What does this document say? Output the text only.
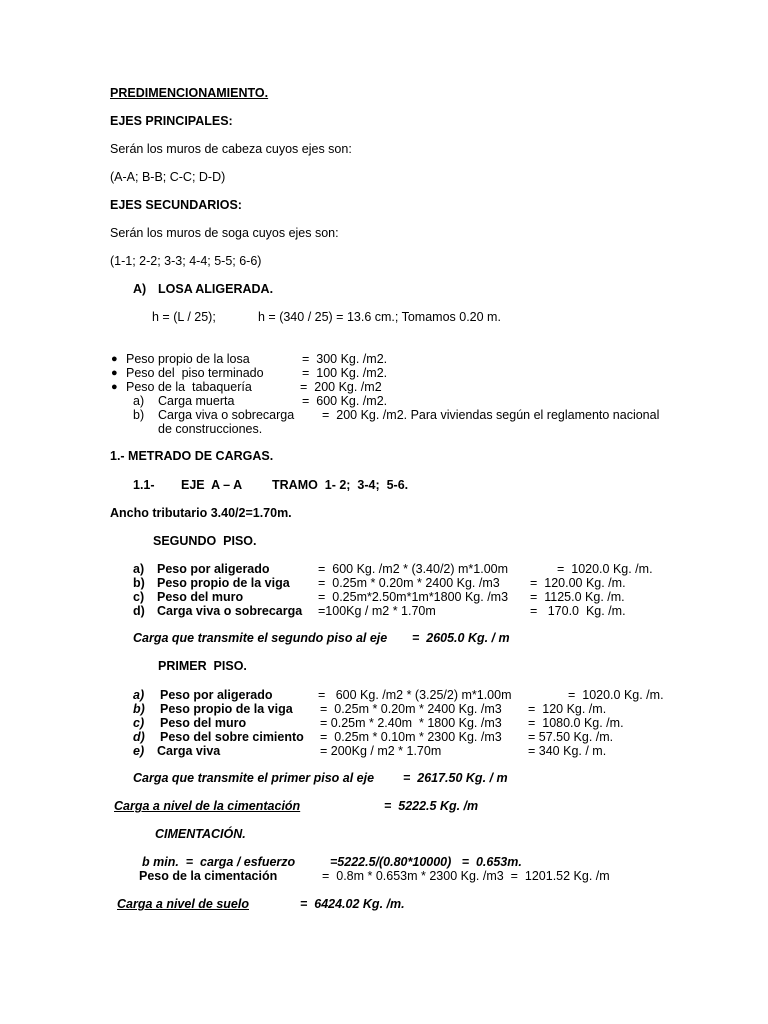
PREDIMENCIONAMIENTO.
EJES PRINCIPALES:
Serán los muros de cabeza cuyos ejes son:
(A-A; B-B; C-C; D-D)
EJES SECUNDARIOS:
Serán los muros de soga cuyos ejes son:
(1-1; 2-2; 3-3; 4-4; 5-5; 6-6)
A) LOSA ALIGERADA.
h = (L / 25);	h = (340 / 25) = 13.6 cm.; Tomamos 0.20 m.
● Peso propio de la losa	=  300 Kg. /m2.
● Peso del  piso terminado	=  100 Kg. /m2.
● Peso de la  tabaquería	=  200 Kg. /m2
a) Carga muerta	=  600 Kg. /m2.
b) Carga viva o sobrecarga =  200 Kg. /m2. Para viviendas según el reglamento nacional
de construcciones.
1.- METRADO DE CARGAS.
1.1- EJE  A – A TRAMO  1- 2;  3-4;  5-6.
Ancho tributario 3.40/2=1.70m.
SEGUNDO  PISO.
a) Peso por aligerado	=  600 Kg. /m2 * (3.40/2) m*1.00m	=  1020.0 Kg. /m.
b) Peso propio de la viga =  0.25m * 0.20m * 2400 Kg. /m3 =  120.00 Kg. /m.
c) Peso del muro	=  0.25m*2.50m*1m*1800 Kg. /m3 =  1125.0 Kg. /m.
d) Carga viva o sobrecarga =100Kg / m2 * 1.70m	=   170.0  Kg. /m.
Carga que transmite el segundo piso al eje =  2605.0 Kg. / m
PRIMER  PISO.
a) Peso por aligerado	=   600 Kg. /m2 * (3.25/2) m*1.00m	=  1020.0 Kg. /m.
b) Peso propio de la viga =  0.25m * 0.20m * 2400 Kg. /m3 =  120 Kg. /m.
c) Peso del muro	= 0.25m * 2.40m  * 1800 Kg. /m3 =  1080.0 Kg. /m.
d) Peso del sobre cimiento =  0.25m * 0.10m * 2300 Kg. /m3 = 57.50 Kg. /m.
e) Carga viva	= 200Kg / m2 * 1.70m	= 340 Kg. / m.
Carga que transmite el primer piso al eje =  2617.50 Kg. / m
Carga a nivel de la cimentación	=  5222.5 Kg. /m
CIMENTACIÓN.
b min.  =  carga / esfuerzo	=5222.5/(0.80*10000)   =  0.653m.
Peso de la cimentación	=  0.8m * 0.653m * 2300 Kg. /m3  =  1201.52 Kg. /m
Carga a nivel de suelo	=  6424.02 Kg. /m.
